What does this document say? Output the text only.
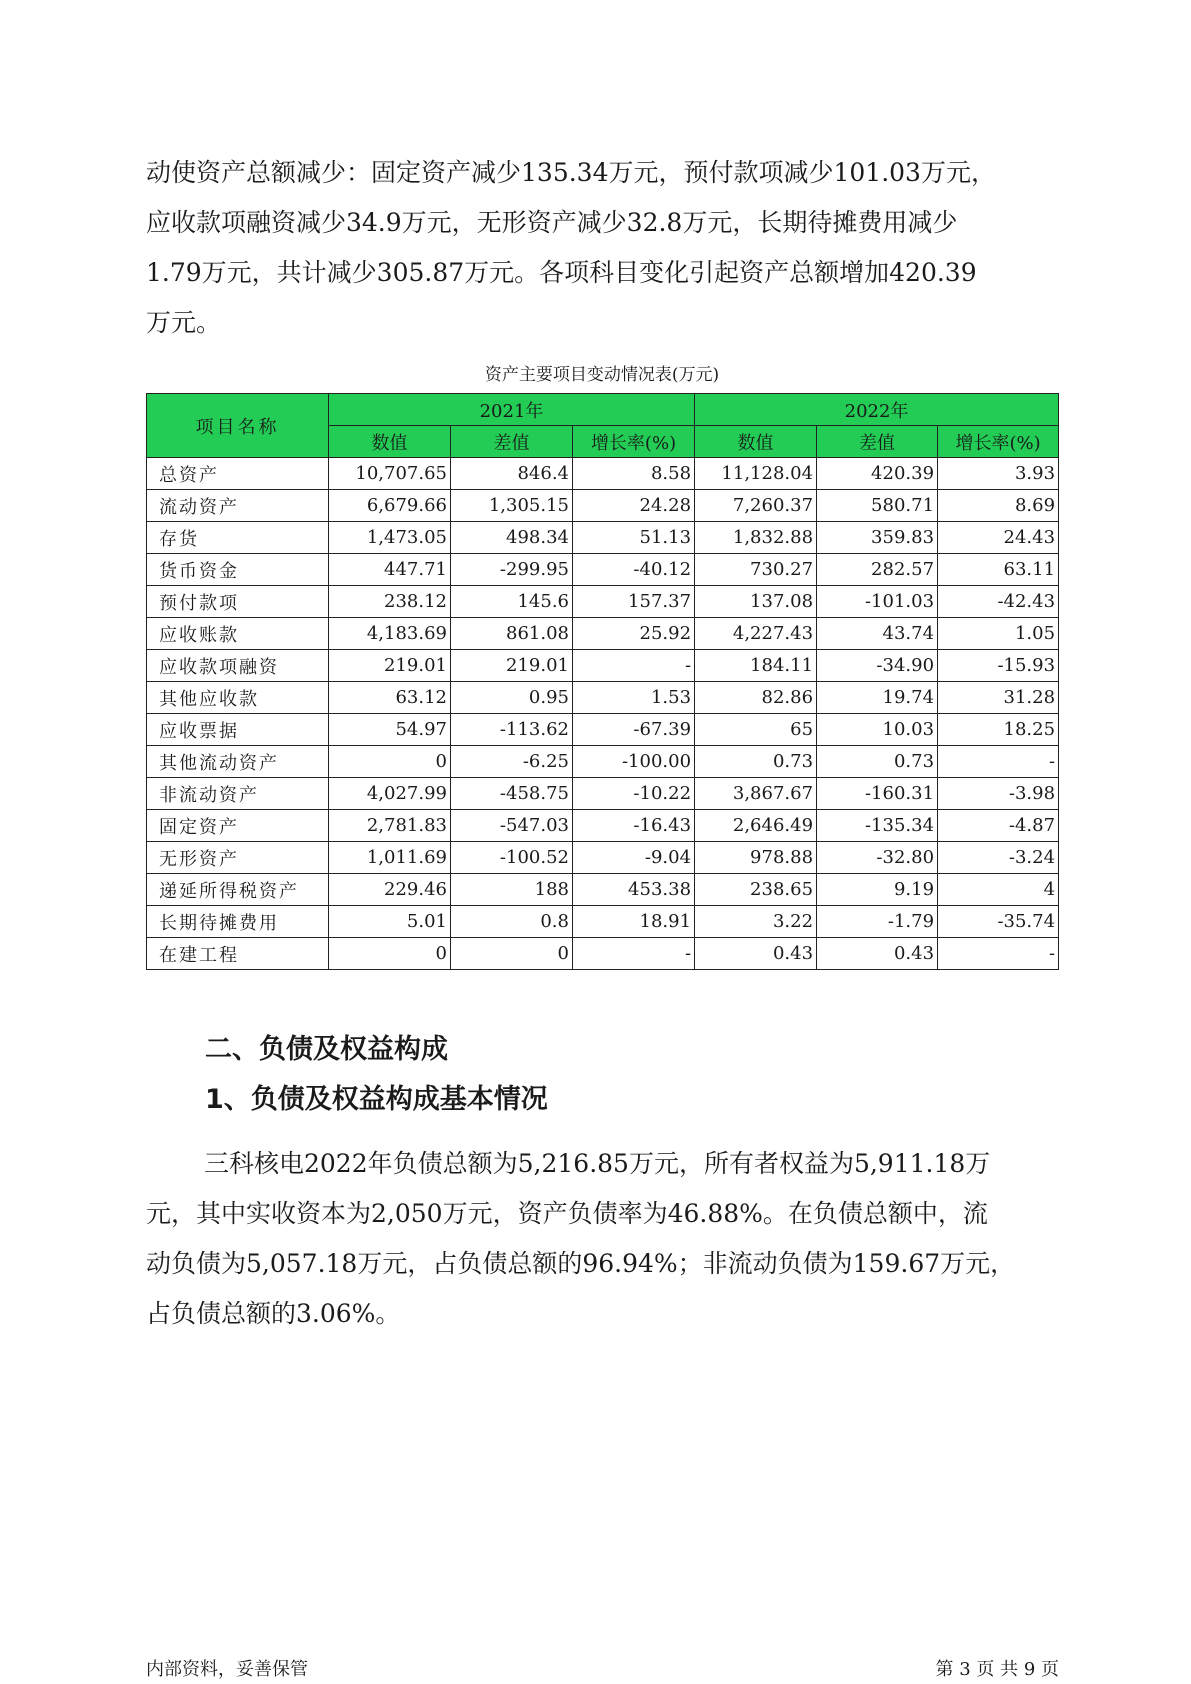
动使资产总额减少：固定资产减少135.34万元，预付款项减少101.03万元，

应收款项融资减少34.9万元，无形资产减少32.8万元，长期待摊费用减少

1.79万元，共计减少305.87万元。各项科目变化引起资产总额增加420.39

万元。

资产主要项目变动情况表(万元)
项目名称	2021年			2022年		
	数值	差值	增长率(%)	数值	差值	增长率(%)
总资产	10,707.65	846.4	8.58	11,128.04	420.39	3.93
流动资产	6,679.66	1,305.15	24.28	7,260.37	580.71	8.69
存货	1,473.05	498.34	51.13	1,832.88	359.83	24.43
货币资金	447.71	-299.95	-40.12	730.27	282.57	63.11
预付款项	238.12	145.6	157.37	137.08	-101.03	-42.43
应收账款	4,183.69	861.08	25.92	4,227.43	43.74	1.05
应收款项融资	219.01	219.01	-	184.11	-34.90	-15.93
其他应收款	63.12	0.95	1.53	82.86	19.74	31.28
应收票据	54.97	-113.62	-67.39	65	10.03	18.25
其他流动资产	0	-6.25	-100.00	0.73	0.73	-
非流动资产	4,027.99	-458.75	-10.22	3,867.67	-160.31	-3.98
固定资产	2,781.83	-547.03	-16.43	2,646.49	-135.34	-4.87
无形资产	1,011.69	-100.52	-9.04	978.88	-32.80	-3.24
递延所得税资产	229.46	188	453.38	238.65	9.19	4
长期待摊费用	5.01	0.8	18.91	3.22	-1.79	-35.74
在建工程	0	0	-	0.43	0.43	-
二、负债及权益构成
1、负债及权益构成基本情况

三科核电2022年负债总额为5,216.85万元，所有者权益为5,911.18万

元，其中实收资本为2,050万元，资产负债率为46.88%。在负债总额中，流

动负债为5,057.18万元，占负债总额的96.94%；非流动负债为159.67万元，

占负债总额的3.06%。

内部资料，妥善保管	第 3 页 共 9 页
